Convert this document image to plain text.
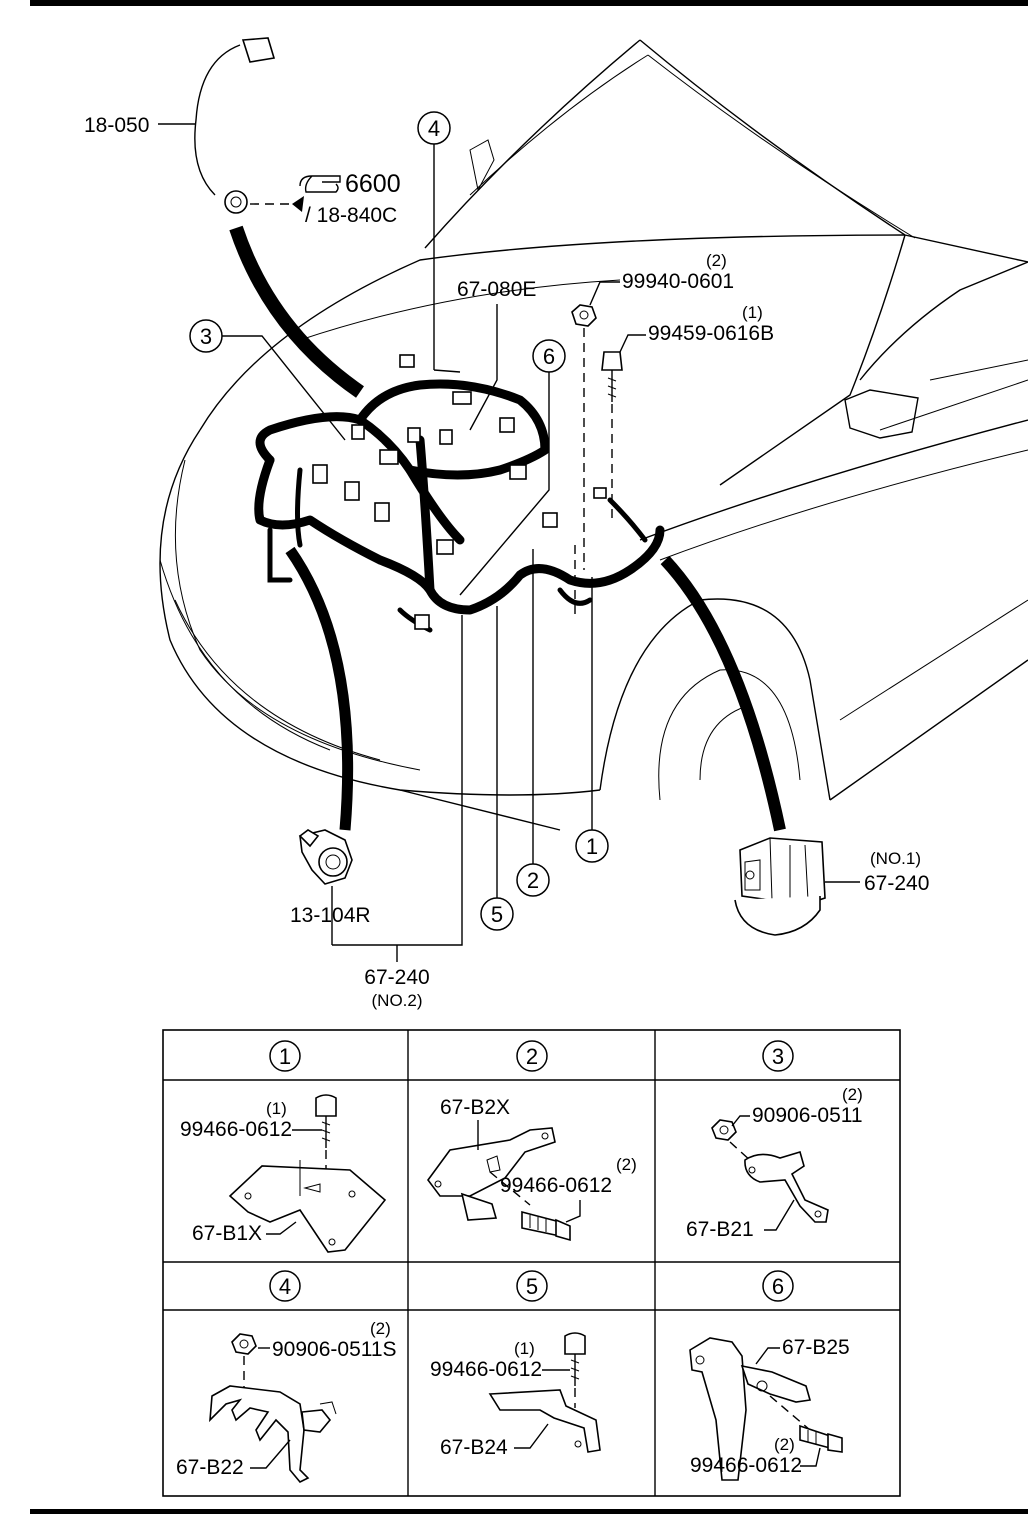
18-050
6600
/ 18-840C
4
3
67-080E
6
99940-0601
(2)
99459-0616B
(1)
1
2
5
13-104R
67-240
(NO.2)
67-240
(NO.1)
1	2	3
4	5	6
99466-0612
(1)
67-B1X
67-B2X
99466-0612
(2)
90906-0511
(2)
67-B21
90906-0511S
(2)
67-B22
99466-0612
(1)
67-B24
67-B25
99466-0612
(2)
